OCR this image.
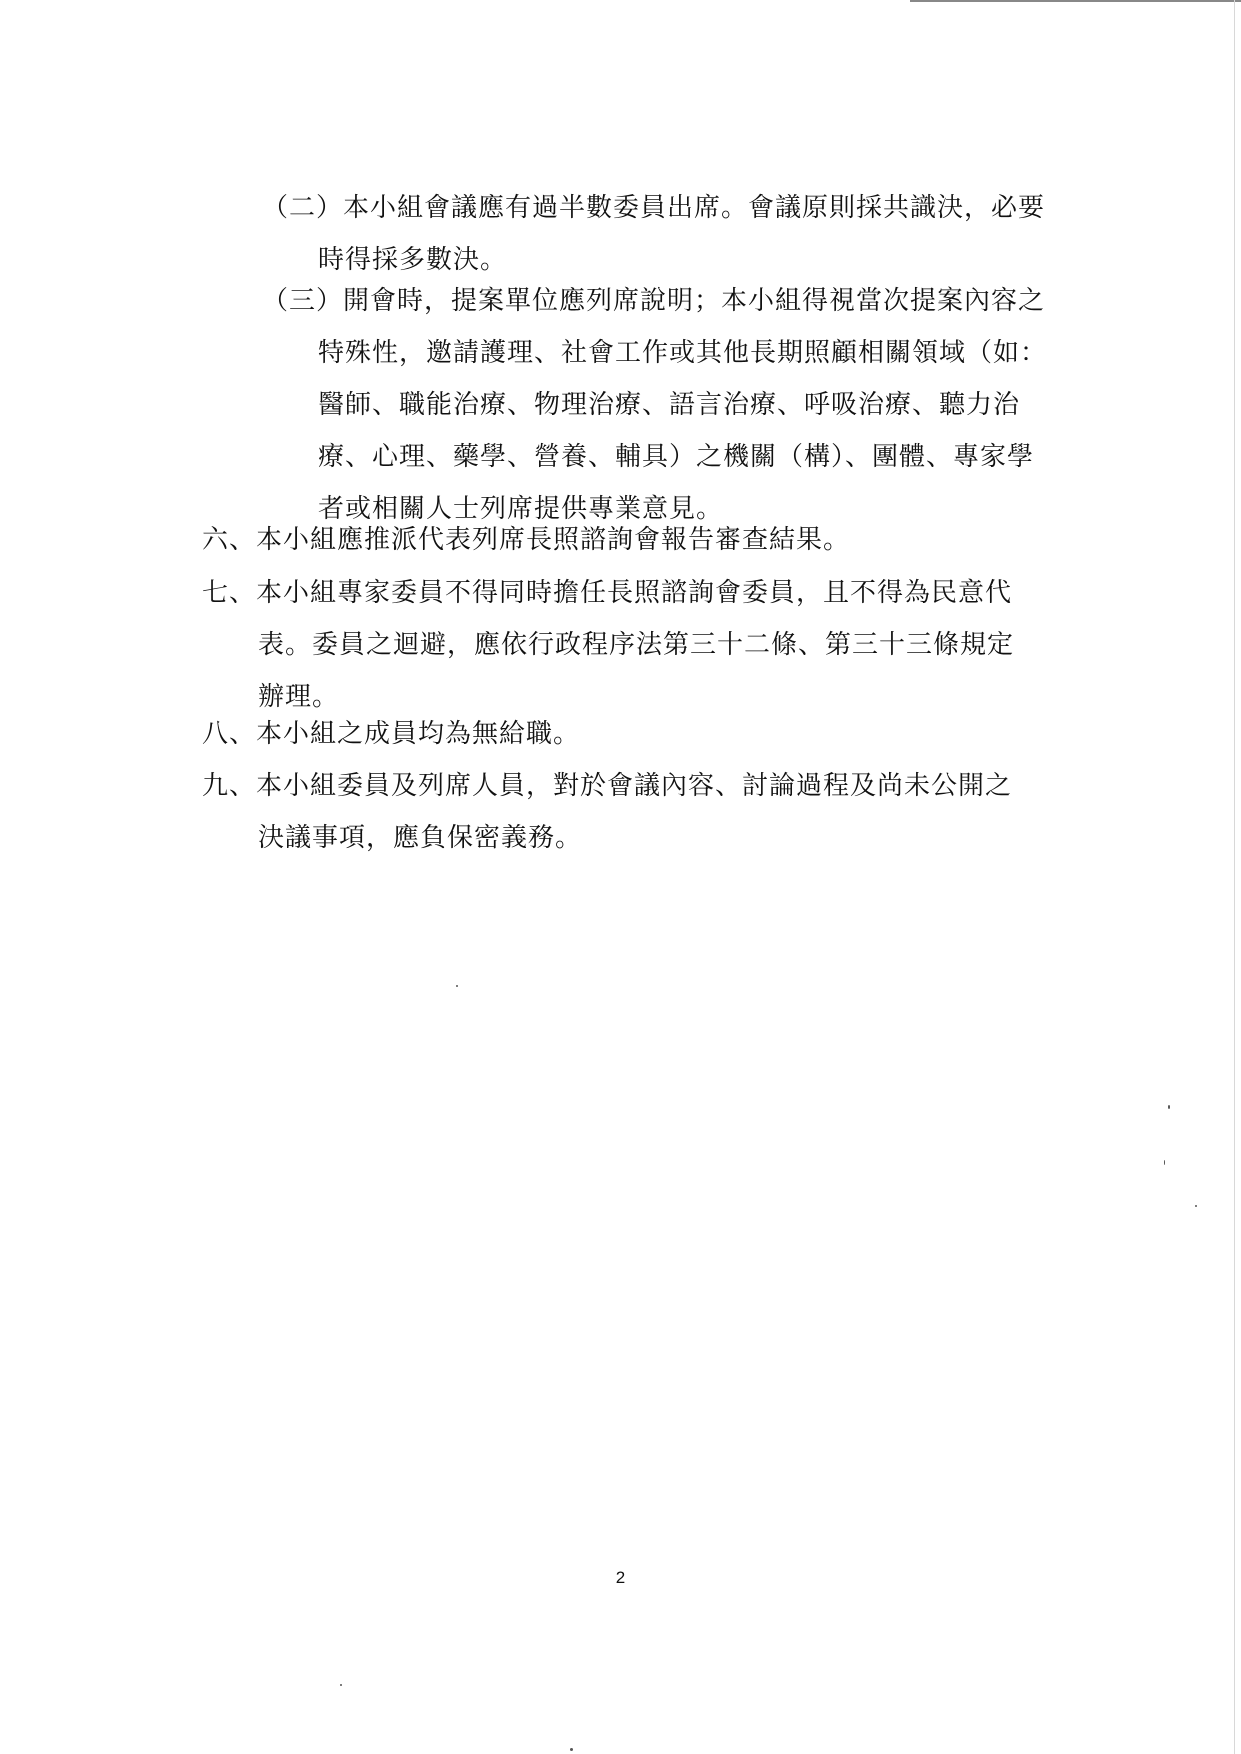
（二）本小組會議應有過半數委員出席。會議原則採共識決，必要

時得採多數決。
（三）開會時，提案單位應列席說明；本小組得視當次提案內容之

特殊性，邀請護理、社會工作或其他長期照顧相關領域（如：
醫師、職能治療、物理治療、語言治療、呼吸治療、聽力治
療、心理、藥學、營養、輔具）之機關（構）、團體、專家學
者或相關人士列席提供專業意見。
六、本小組應推派代表列席長照諮詢會報告審查結果。
七、本小組專家委員不得同時擔任長照諮詢會委員，且不得為民意代

表。委員之迴避，應依行政程序法第三十二條、第三十三條規定
辦理。
八、本小組之成員均為無給職。
九、本小組委員及列席人員，對於會議內容、討論過程及尚未公開之

決議事項，應負保密義務。
2
